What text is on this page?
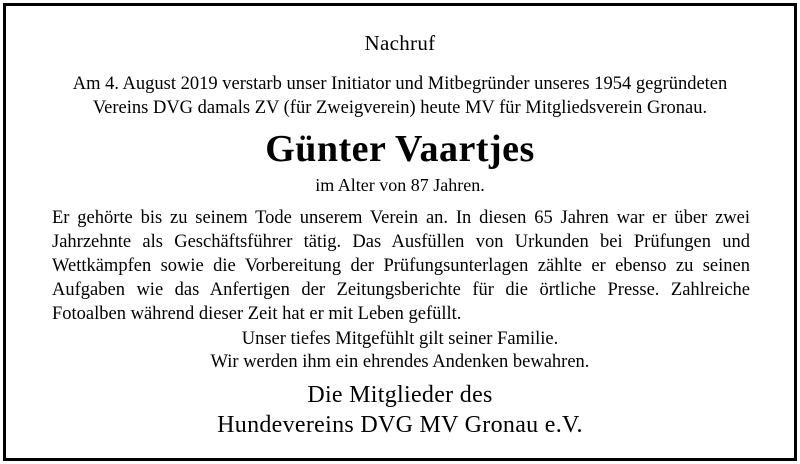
Nachruf
Am 4. August 2019 verstarb unser Initiator und Mitbegründer unseres 1954 gegründeten
Vereins DVG damals ZV (für Zweigverein) heute MV für Mitgliedsverein Gronau.
Günter Vaartjes
im Alter von 87 Jahren.
Er gehörte bis zu seinem Tode unserem Verein an. In diesen 65 Jahren war er über zwei
Jahrzehnte als Geschäftsführer tätig. Das Ausfüllen von Urkunden bei Prüfungen und
Wettkämpfen sowie die Vorbereitung der Prüfungsunterlagen zählte er ebenso zu seinen
Aufgaben wie das Anfertigen der Zeitungsberichte für die örtliche Presse. Zahlreiche
Fotoalben während dieser Zeit hat er mit Leben gefüllt.
Unser tiefes Mitgefühlt gilt seiner Familie.
Wir werden ihm ein ehrendes Andenken bewahren.
Die Mitglieder des
Hundevereins DVG MV Gronau e.V.
